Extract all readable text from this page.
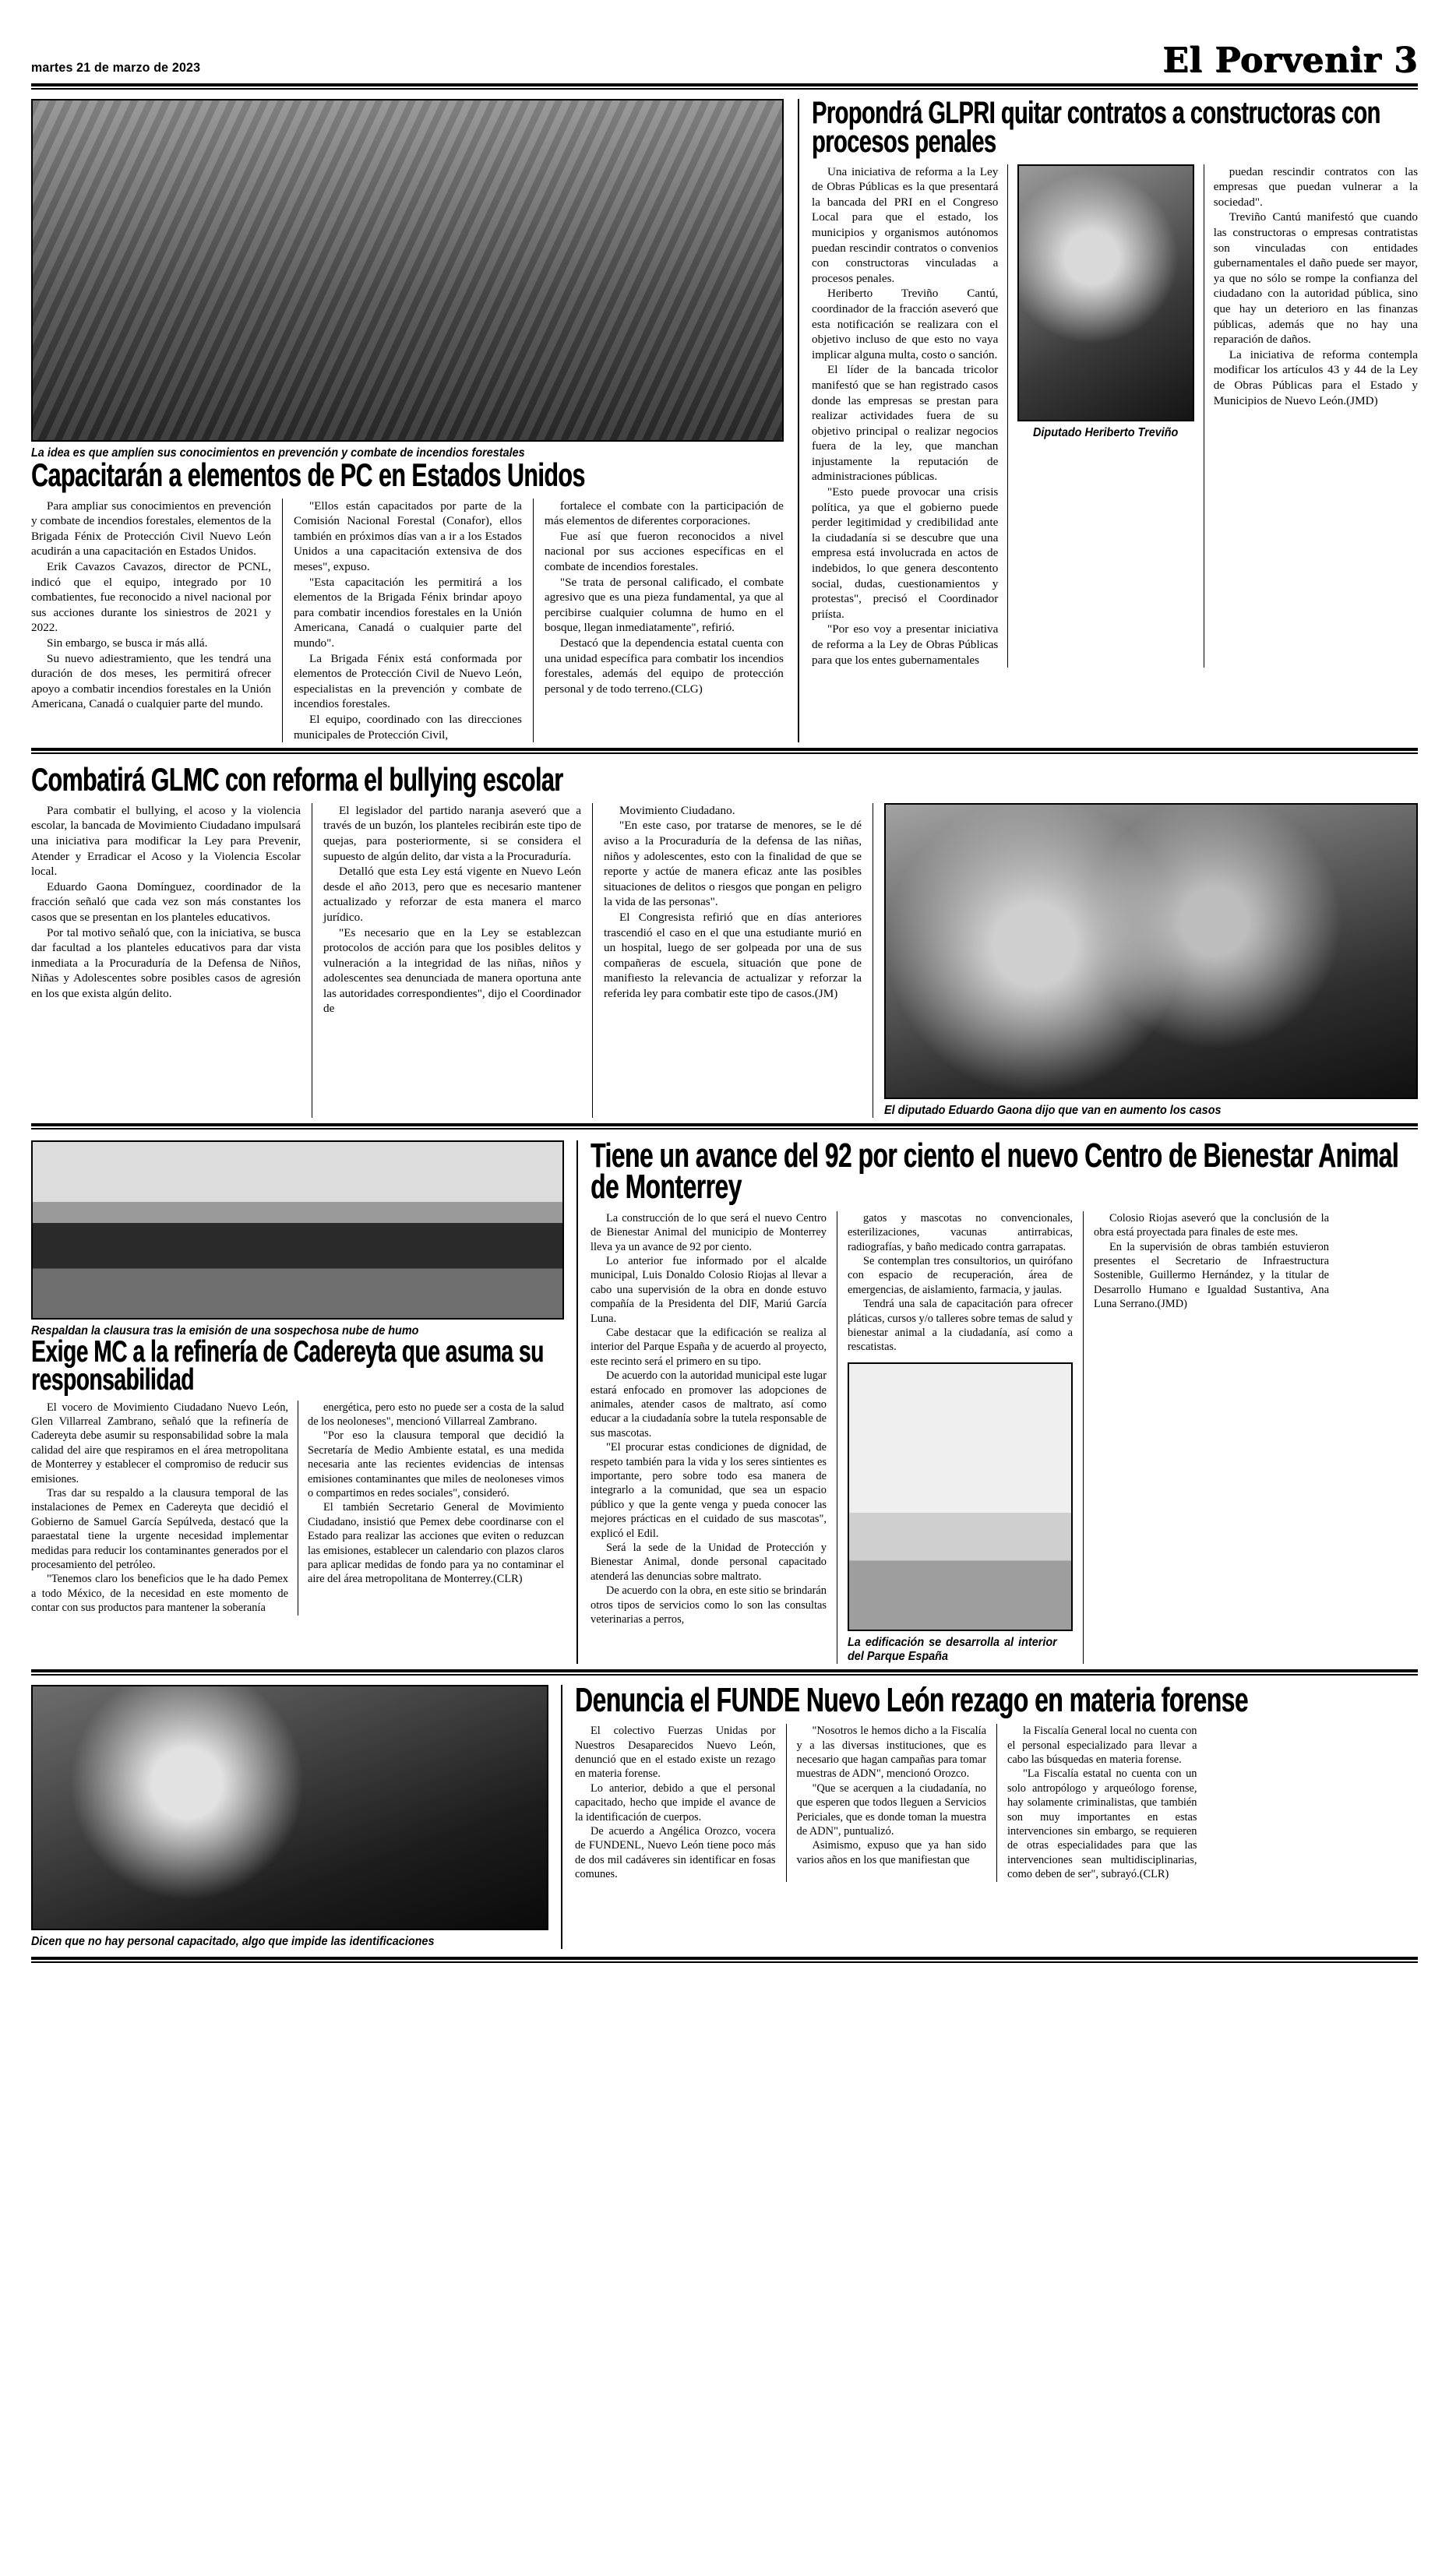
martes 21 de marzo de 2023	El Porvenir 3
La idea es que amplíen sus conocimientos en prevención y combate de incendios forestales
Capacitarán a elementos de PC en Estados Unidos

Para ampliar sus conocimientos en prevención y combate de incendios forestales, elementos de la Brigada Fénix de Protección Civil Nuevo León acudirán a una capacitación en Estados Unidos.

Erik Cavazos Cavazos, director de PCNL, indicó que el equipo, integrado por 10 combatientes, fue reconocido a nivel nacional por sus acciones durante los siniestros de 2021 y 2022.

Sin embargo, se busca ir más allá.

Su nuevo adiestramiento, que les tendrá una duración de dos meses, les permitirá ofrecer apoyo a combatir incendios forestales en la Unión Americana, Canadá o cualquier parte del mundo.

"Ellos están capacitados por parte de la Comisión Nacional Forestal (Conafor), ellos también en próximos días van a ir a los Estados Unidos a una capacitación extensiva de dos meses", expuso.

"Esta capacitación les permitirá a los elementos de la Brigada Fénix brindar apoyo para combatir incendios forestales en la Unión Americana, Canadá o cualquier parte del mundo".

La Brigada Fénix está conformada por elementos de Protección Civil de Nuevo León, especialistas en la prevención y combate de incendios forestales.

El equipo, coordinado con las direcciones municipales de Protección Civil,

fortalece el combate con la participación de más elementos de diferentes corporaciones.

Fue así que fueron reconocidos a nivel nacional por sus acciones específicas en el combate de incendios forestales.

"Se trata de personal calificado, el combate agresivo que es una pieza fundamental, ya que al percibirse cualquier columna de humo en el bosque, llegan inmediatamente", refirió.

Destacó que la dependencia estatal cuenta con una unidad específica para combatir los incendios forestales, además del equipo de protección personal y de todo terreno.(CLG)

Propondrá GLPRI quitar contratos a constructoras con procesos penales

Una iniciativa de reforma a la Ley de Obras Públicas es la que presentará la bancada del PRI en el Congreso Local para que el estado, los municipios y organismos autónomos puedan rescindir contratos o convenios con constructoras vinculadas a procesos penales.

Heriberto Treviño Cantú, coordinador de la fracción aseveró que esta notificación se realizara con el objetivo incluso de que esto no vaya implicar alguna multa, costo o sanción.

El líder de la bancada tricolor manifestó que se han registrado casos donde las empresas se prestan para realizar actividades fuera de su objetivo principal o realizar negocios fuera de la ley, que manchan injustamente la reputación de administraciones públicas.

"Esto puede provocar una crisis política, ya que el gobierno puede perder legitimidad y credibilidad ante la ciudadanía si se descubre que una empresa está involucrada en actos de indebidos, lo que genera descontento social, dudas, cuestionamientos y protestas", precisó el Coordinador priísta.

"Por eso voy a presentar iniciativa de reforma a la Ley de Obras Públicas para que los entes gubernamentales

Diputado Heriberto Treviño

puedan rescindir contratos con las empresas que puedan vulnerar a la sociedad".

Treviño Cantú manifestó que cuando las constructoras o empresas contratistas son vinculadas con entidades gubernamentales el daño puede ser mayor, ya que no sólo se rompe la confianza del ciudadano con la autoridad pública, sino que hay un deterioro en las finanzas públicas, además que no hay una reparación de daños.

La iniciativa de reforma contempla modificar los artículos 43 y 44 de la Ley de Obras Públicas para el Estado y Municipios de Nuevo León.(JMD)

Combatirá GLMC con reforma el bullying escolar

Para combatir el bullying, el acoso y la violencia escolar, la bancada de Movimiento Ciudadano impulsará una iniciativa para modificar la Ley para Prevenir, Atender y Erradicar el Acoso y la Violencia Escolar local.

Eduardo Gaona Domínguez, coordinador de la fracción señaló que cada vez son más constantes los casos que se presentan en los planteles educativos.

Por tal motivo señaló que, con la iniciativa, se busca dar facultad a los planteles educativos para dar vista inmediata a la Procuraduría de la Defensa de Niños, Niñas y Adolescentes sobre posibles casos de agresión en los que exista algún delito.

El legislador del partido naranja aseveró que a través de un buzón, los planteles recibirán este tipo de quejas, para posteriormente, si se considera el supuesto de algún delito, dar vista a la Procuraduría.

Detalló que esta Ley está vigente en Nuevo León desde el año 2013, pero que es necesario mantener actualizado y reforzar de esta manera el marco jurídico.

"Es necesario que en la Ley se establezcan protocolos de acción para que los posibles delitos y vulneración a la integridad de las niñas, niños y adolescentes sea denunciada de manera oportuna ante las autoridades correspondientes", dijo el Coordinador de

Movimiento Ciudadano.

"En este caso, por tratarse de menores, se le dé aviso a la Procuraduría de la defensa de las niñas, niños y adolescentes, esto con la finalidad de que se reporte y actúe de manera eficaz ante las posibles situaciones de delitos o riesgos que pongan en peligro la vida de las personas".

El Congresista refirió que en días anteriores trascendió el caso en el que una estudiante murió en un hospital, luego de ser golpeada por una de sus compañeras de escuela, situación que pone de manifiesto la relevancia de actualizar y reforzar la referida ley para combatir este tipo de casos.(JM)

El diputado Eduardo Gaona dijo que van en aumento los casos
Respaldan la clausura tras la emisión de una sospechosa nube de humo
Exige MC a la refinería de Cadereyta que asuma su responsabilidad

El vocero de Movimiento Ciudadano Nuevo León, Glen Villarreal Zambrano, señaló que la refinería de Cadereyta debe asumir su responsabilidad sobre la mala calidad del aire que respiramos en el área metropolitana de Monterrey y establecer el compromiso de reducir sus emisiones.

Tras dar su respaldo a la clausura temporal de las instalaciones de Pemex en Cadereyta que decidió el Gobierno de Samuel García Sepúlveda, destacó que la paraestatal tiene la urgente necesidad implementar medidas para reducir los contaminantes generados por el procesamiento del petróleo.

"Tenemos claro los beneficios que le ha dado Pemex a todo México, de la necesidad en este momento de contar con sus productos para mantener la soberanía

energética, pero esto no puede ser a costa de la salud de los neoloneses", mencionó Villarreal Zambrano.

"Por eso la clausura temporal que decidió la Secretaría de Medio Ambiente estatal, es una medida necesaria ante las recientes evidencias de intensas emisiones contaminantes que miles de neoloneses vimos o compartimos en redes sociales", consideró.

El también Secretario General de Movimiento Ciudadano, insistió que Pemex debe coordinarse con el Estado para realizar las acciones que eviten o reduzcan las emisiones, establecer un calendario con plazos claros para aplicar medidas de fondo para ya no contaminar el aire del área metropolitana de Monterrey.(CLR)

Tiene un avance del 92 por ciento el nuevo Centro de Bienestar Animal de Monterrey

La construcción de lo que será el nuevo Centro de Bienestar Animal del municipio de Monterrey lleva ya un avance de 92 por ciento.

Lo anterior fue informado por el alcalde municipal, Luis Donaldo Colosio Riojas al llevar a cabo una supervisión de la obra en donde estuvo compañía de la Presidenta del DIF, Mariú García Luna.

Cabe destacar que la edificación se realiza al interior del Parque España y de acuerdo al proyecto, este recinto será el primero en su tipo.

De acuerdo con la autoridad municipal este lugar estará enfocado en promover las adopciones de animales, atender casos de maltrato, así como educar a la ciudadanía sobre la tutela responsable de sus mascotas.

"El procurar estas condiciones de dignidad, de respeto también para la vida y los seres sintientes es importante, pero sobre todo esa manera de integrarlo a la comunidad, que sea un espacio público y que la gente venga y pueda conocer las mejores prácticas en el cuidado de sus mascotas", explicó el Edil.

Será la sede de la Unidad de Protección y Bienestar Animal, donde personal capacitado atenderá las denuncias sobre maltrato.

De acuerdo con la obra, en este sitio se brindarán otros tipos de servicios como lo son las consultas veterinarias a perros,

gatos y mascotas no convencionales, esterilizaciones, vacunas antirrabicas, radiografías, y baño medicado contra garrapatas.

Se contemplan tres consultorios, un quirófano con espacio de recuperación, área de emergencias, de aislamiento, farmacia, y jaulas.

Tendrá una sala de capacitación para ofrecer pláticas, cursos y/o talleres sobre temas de salud y bienestar animal a la ciudadanía, así como a rescatistas.

La edificación se desarrolla al interior del Parque España

Colosio Riojas aseveró que la conclusión de la obra está proyectada para finales de este mes.

En la supervisión de obras también estuvieron presentes el Secretario de Infraestructura Sostenible, Guillermo Hernández, y la titular de Desarrollo Humano e Igualdad Sustantiva, Ana Luna Serrano.(JMD)

Dicen que no hay personal capacitado, algo que impide las identificaciones
Denuncia el FUNDE Nuevo León rezago en materia forense

El colectivo Fuerzas Unidas por Nuestros Desaparecidos Nuevo León, denunció que en el estado existe un rezago en materia forense.

Lo anterior, debido a que el personal capacitado, hecho que impide el avance de la identificación de cuerpos.

De acuerdo a Angélica Orozco, vocera de FUNDENL, Nuevo León tiene poco más de dos mil cadáveres sin identificar en fosas comunes.

"Nosotros le hemos dicho a la Fiscalía y a las diversas instituciones, que es necesario que hagan campañas para tomar muestras de ADN", mencionó Orozco.

"Que se acerquen a la ciudadanía, no que esperen que todos lleguen a Servicios Periciales, que es donde toman la muestra de ADN", puntualizó.

Asimismo, expuso que ya han sido varios años en los que manifiestan que

la Fiscalía General local no cuenta con el personal especializado para llevar a cabo las búsquedas en materia forense.

"La Fiscalía estatal no cuenta con un solo antropólogo y arqueólogo forense, hay solamente criminalistas, que también son muy importantes en estas intervenciones sin embargo, se requieren de otras especialidades para que las intervenciones sean multidisciplinarias, como deben de ser", subrayó.(CLR)
